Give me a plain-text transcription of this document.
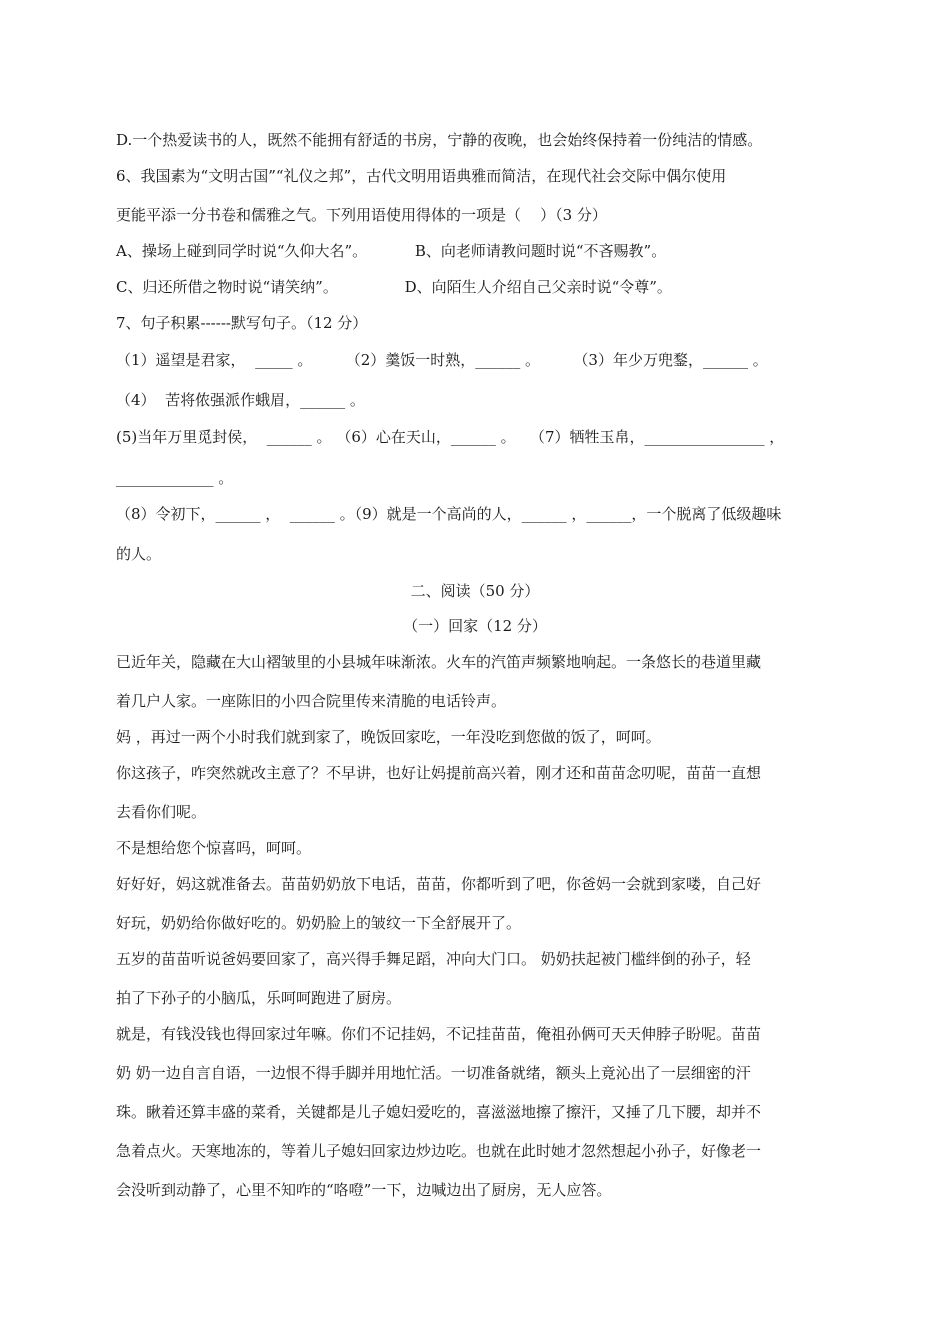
D.一个热爱读书的人，既然不能拥有舒适的书房，宁静的夜晚，也会始终保持着一份纯洁的情感。
6、我国素为“文明古国”“礼仪之邦”，古代文明用语典雅而简洁，在现代社会交际中偶尔使用
更能平添一分书卷和儒雅之气。下列用语使用得体的一项是（    ）（3 分）
A、操场上碰到同学时说“久仰大名”。          B、向老师请教问题时说“不吝赐教”。
C、归还所借之物时说“请笑纳”。              D、向陌生人介绍自己父亲时说“令尊”。
7、句子积累------默写句子。（12 分）
（1）遥望是君家，  _____ 。       （2）羹饭一时熟，______ 。       （3）年少万兜鍪，______ 。
（4）  苦将侬强派作蛾眉，______ 。
(5)当年万里觅封侯，  ______ 。 （6）心在天山，______ 。   （7）牺牲玉帛，________________ ，
_____________ 。
（8）令初下，______ ，  ______ 。（9）就是一个高尚的人，______ ，______，一个脱离了低级趣味
的人。
二、阅读（50 分）
（一）回家（12 分）
已近年关，隐藏在大山褶皱里的小县城年味渐浓。火车的汽笛声频繁地响起。一条悠长的巷道里藏
着几户人家。一座陈旧的小四合院里传来清脆的电话铃声。
妈 ，再过一两个小时我们就到家了，晚饭回家吃，一年没吃到您做的饭了，呵呵。
你这孩子，咋突然就改主意了？不早讲，也好让妈提前高兴着，刚才还和苗苗念叨呢，苗苗一直想
去看你们呢。
不是想给您个惊喜吗，呵呵。
好好好，妈这就准备去。苗苗奶奶放下电话，苗苗，你都听到了吧，你爸妈一会就到家喽，自己好
好玩，奶奶给你做好吃的。奶奶脸上的皱纹一下全舒展开了。
五岁的苗苗听说爸妈要回家了，高兴得手舞足蹈，冲向大门口。 奶奶扶起被门槛绊倒的孙子，轻
拍了下孙子的小脑瓜，乐呵呵跑进了厨房。
就是，有钱没钱也得回家过年嘛。你们不记挂妈，不记挂苗苗，俺祖孙俩可天天伸脖子盼呢。苗苗
奶 奶一边自言自语，一边恨不得手脚并用地忙活。一切准备就绪，额头上竟沁出了一层细密的汗
珠。瞅着还算丰盛的菜肴，关键都是儿子媳妇爱吃的，喜滋滋地擦了擦汗，又捶了几下腰，却并不
急着点火。天寒地冻的，等着儿子媳妇回家边炒边吃。也就在此时她才忽然想起小孙子，好像老一
会没听到动静了，心里不知咋的“咯噔”一下，边喊边出了厨房，无人应答。
